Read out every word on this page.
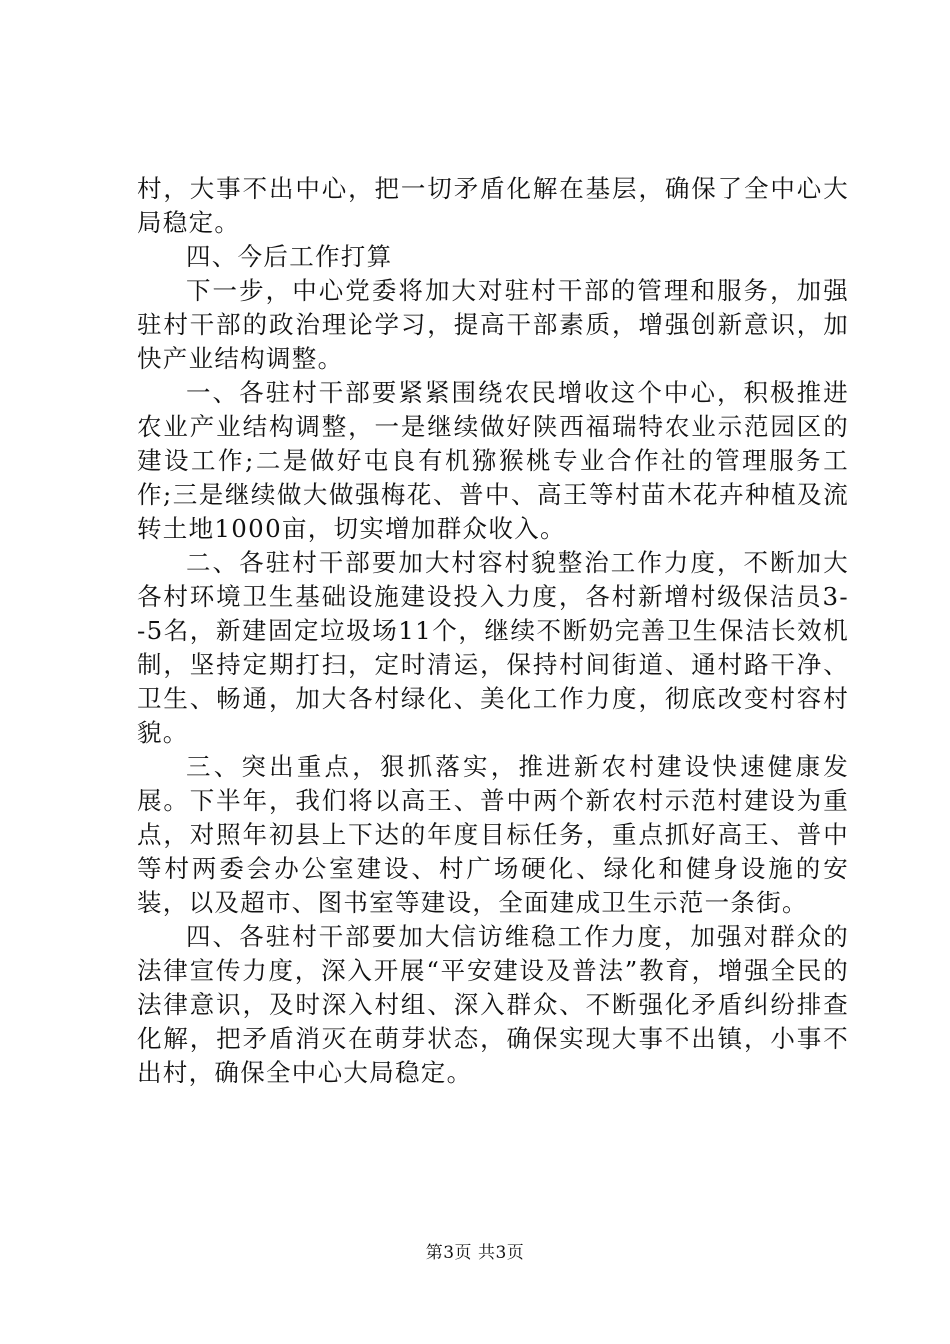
村，大事不出中心，把一切矛盾化解在基层，确保了全中心大局稳定。

四、今后工作打算

下一步，中心党委将加大对驻村干部的管理和服务，加强驻村干部的政治理论学习，提高干部素质，增强创新意识，加快产业结构调整。

一、各驻村干部要紧紧围绕农民增收这个中心，积极推进农业产业结构调整，一是继续做好陕西福瑞特农业示范园区的建设工作;二是做好屯良有机猕猴桃专业合作社的管理服务工作;三是继续做大做强梅花、普中、高王等村苗木花卉种植及流转土地1000亩，切实增加群众收入。

二、各驻村干部要加大村容村貌整治工作力度，不断加大各村环境卫生基础设施建设投入力度，各村新增村级保洁员3--5名，新建固定垃圾场11个，继续不断奶完善卫生保洁长效机制，坚持定期打扫，定时清运，保持村间街道、通村路干净、卫生、畅通，加大各村绿化、美化工作力度，彻底改变村容村貌。

三、突出重点，狠抓落实，推进新农村建设快速健康发展。下半年，我们将以高王、普中两个新农村示范村建设为重点，对照年初县上下达的年度目标任务，重点抓好高王、普中等村两委会办公室建设、村广场硬化、绿化和健身设施的安装，以及超市、图书室等建设，全面建成卫生示范一条街。

四、各驻村干部要加大信访维稳工作力度，加强对群众的法律宣传力度，深入开展“平安建设及普法”教育，增强全民的法律意识，及时深入村组、深入群众、不断强化矛盾纠纷排查化解，把矛盾消灭在萌芽状态，确保实现大事不出镇，小事不出村，确保全中心大局稳定。

第3页 共3页
